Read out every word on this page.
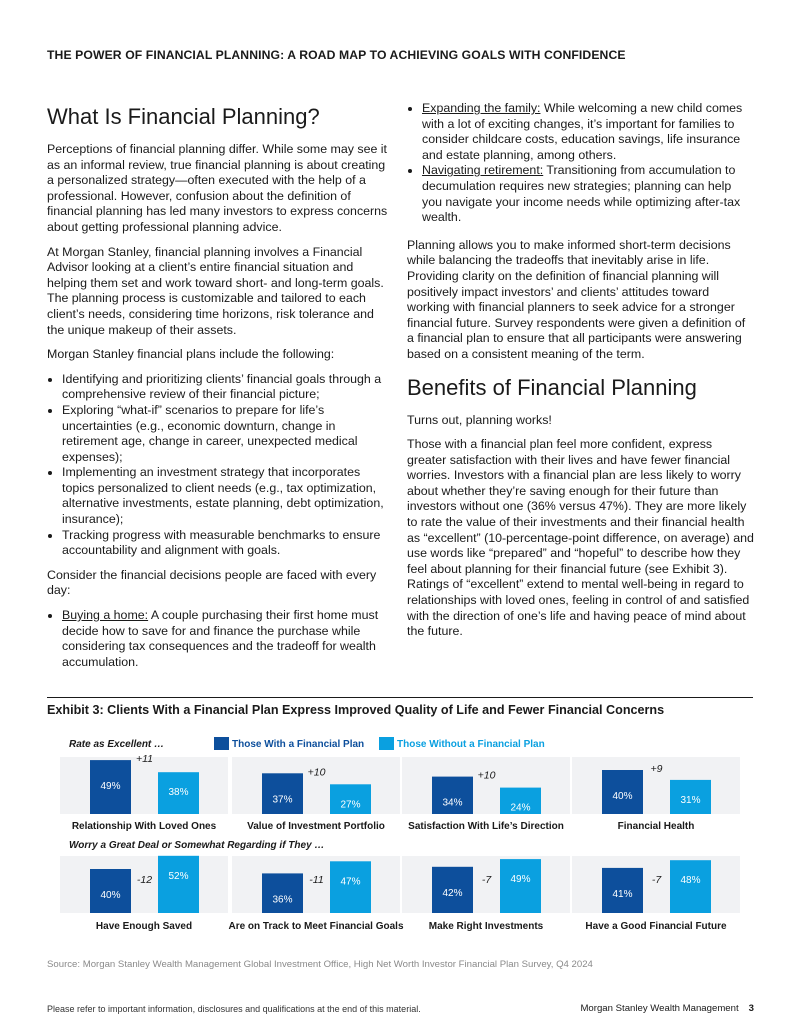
THE POWER OF FINANCIAL PLANNING: A ROAD MAP TO ACHIEVING GOALS WITH CONFIDENCE
What Is Financial Planning?

Perceptions of financial planning differ. While some may see it as an informal review, true financial planning is about creating a personalized strategy—often executed with the help of a professional. However, confusion about the definition of financial planning has led many investors to express concerns about getting professional planning advice.

At Morgan Stanley, financial planning involves a Financial Advisor looking at a client’s entire financial situation and helping them set and work toward short- and long-term goals. The planning process is customizable and tailored to each client’s needs, considering time horizons, risk tolerance and the unique makeup of their assets.

Morgan Stanley financial plans include the following:

• Identifying and prioritizing clients’ financial goals through a comprehensive review of their financial picture;
• Exploring “what-if” scenarios to prepare for life’s uncertainties (e.g., economic downturn, change in retirement age, change in career, unexpected medical expenses);
• Implementing an investment strategy that incorporates topics personalized to client needs (e.g., tax optimization, alternative investments, estate planning, debt optimization, insurance);
• Tracking progress with measurable benchmarks to ensure accountability and alignment with goals.

Consider the financial decisions people are faced with every day:

• Buying a home: A couple purchasing their first home must decide how to save for and finance the purchase while considering tax consequences and the tradeoff for wealth accumulation.
• Expanding the family: While welcoming a new child comes with a lot of exciting changes, it’s important for families to consider childcare costs, education savings, life insurance and estate planning, among others.
• Navigating retirement: Transitioning from accumulation to decumulation requires new strategies; planning can help you navigate your income needs while optimizing after-tax wealth.

Planning allows you to make informed short-term decisions while balancing the tradeoffs that inevitably arise in life. Providing clarity on the definition of financial planning will positively impact investors’ and clients’ attitudes toward working with financial planners to seek advice for a stronger financial future. Survey respondents were given a definition of a financial plan to ensure that all participants were answering based on a consistent meaning of the term.

Benefits of Financial Planning

Turns out, planning works!

Those with a financial plan feel more confident, express greater satisfaction with their lives and have fewer financial worries. Investors with a financial plan are less likely to worry about whether they’re saving enough for their future than investors without one (36% versus 47%). They are more likely to rate the value of their investments and their financial health as “excellent” (10-percentage-point difference, on average) and use words like “prepared” and “hopeful” to describe how they feel about planning for their financial future (see Exhibit 3). Ratings of “excellent” extend to mental well-being in regard to relationships with loved ones, feeling in control of and satisfied with the direction of one’s life and having peace of mind about the future.

Exhibit 3: Clients With a Financial Plan Express Improved Quality of Life and Fewer Financial Concerns
Those With a Financial Plan	Those Without a Financial Plan
Rate as Excellent …
49%
38%
+11
Relationship With Loved Ones
37%	27%
+10
Value of Investment Portfolio
34%	24%
+10
Satisfaction With Life’s Direction
40%	31%
+9
Financial Health
Worry a Great Deal or Somewhat Regarding if They …
40%
52%
-12
Have Enough Saved
36%
47%
-11
Are on Track to Meet Financial Goals
42%
49%
-7
Make Right Investments
41%
48%
-7
Have a Good Financial Future
Source: Morgan Stanley Wealth Management Global Investment Office, High Net Worth Investor Financial Plan Survey, Q4 2024
Please refer to important information, disclosures and qualifications at the end of this material.	Morgan Stanley Wealth Management 3
